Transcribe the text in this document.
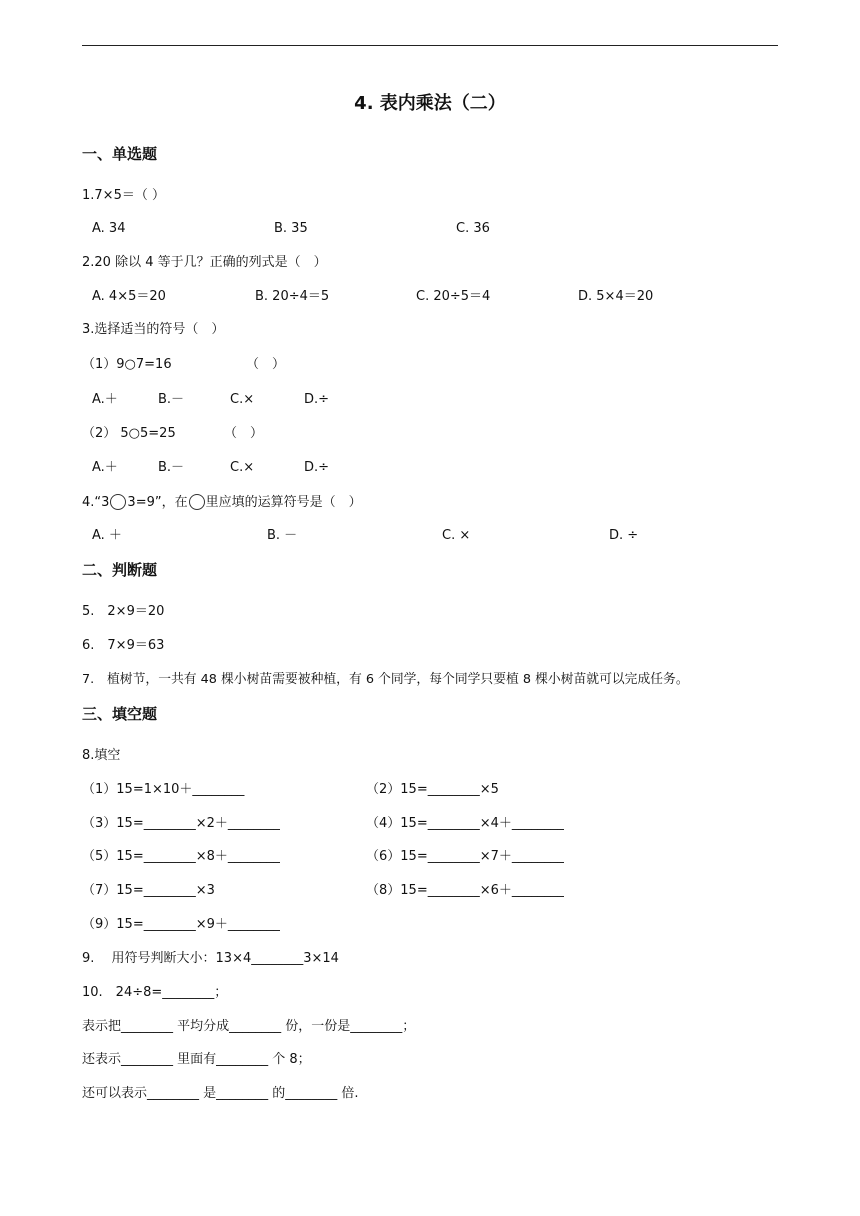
4. 表内乘法（二）
一、单选题
1.7×5＝（ ）
A. 34	B. 35	C. 36
2.20 除以 4 等于几？正确的列式是（　）
A. 4×5＝20	B. 20÷4＝5	C. 20÷5＝4	D. 5×4＝20
3.选择适当的符号（　）
（1）9○7=16	（　）
A.＋	B.－	C.×	D.÷
（2） 5○5=25	（　）
A.＋	B.－	C.×	D.÷
4.“3 3=9”，在 里应填的运算符号是（　）
A. ＋	B. －	C. ×	D. ÷
二、判断题
5.　2×9＝20
6.　7×9＝63
7.　植树节，一共有 48 棵小树苗需要被种植，有 6 个同学，每个同学只要植 8 棵小树苗就可以完成任务。
三、填空题
8.填空
（1）15=1×10＋________	（2）15=________×5
（3）15=________×2＋________	（4）15=________×4＋________
（5）15=________×8＋________	（6）15=________×7＋________
（7）15=________×3	（8）15=________×6＋________
（9）15=________×9＋________
9.　 用符号判断大小：13×4________3×14
10.　24÷8=________；
表示把________ 平均分成________ 份，一份是________；
还表示________ 里面有________ 个 8；
还可以表示________ 是________ 的________ 倍.
